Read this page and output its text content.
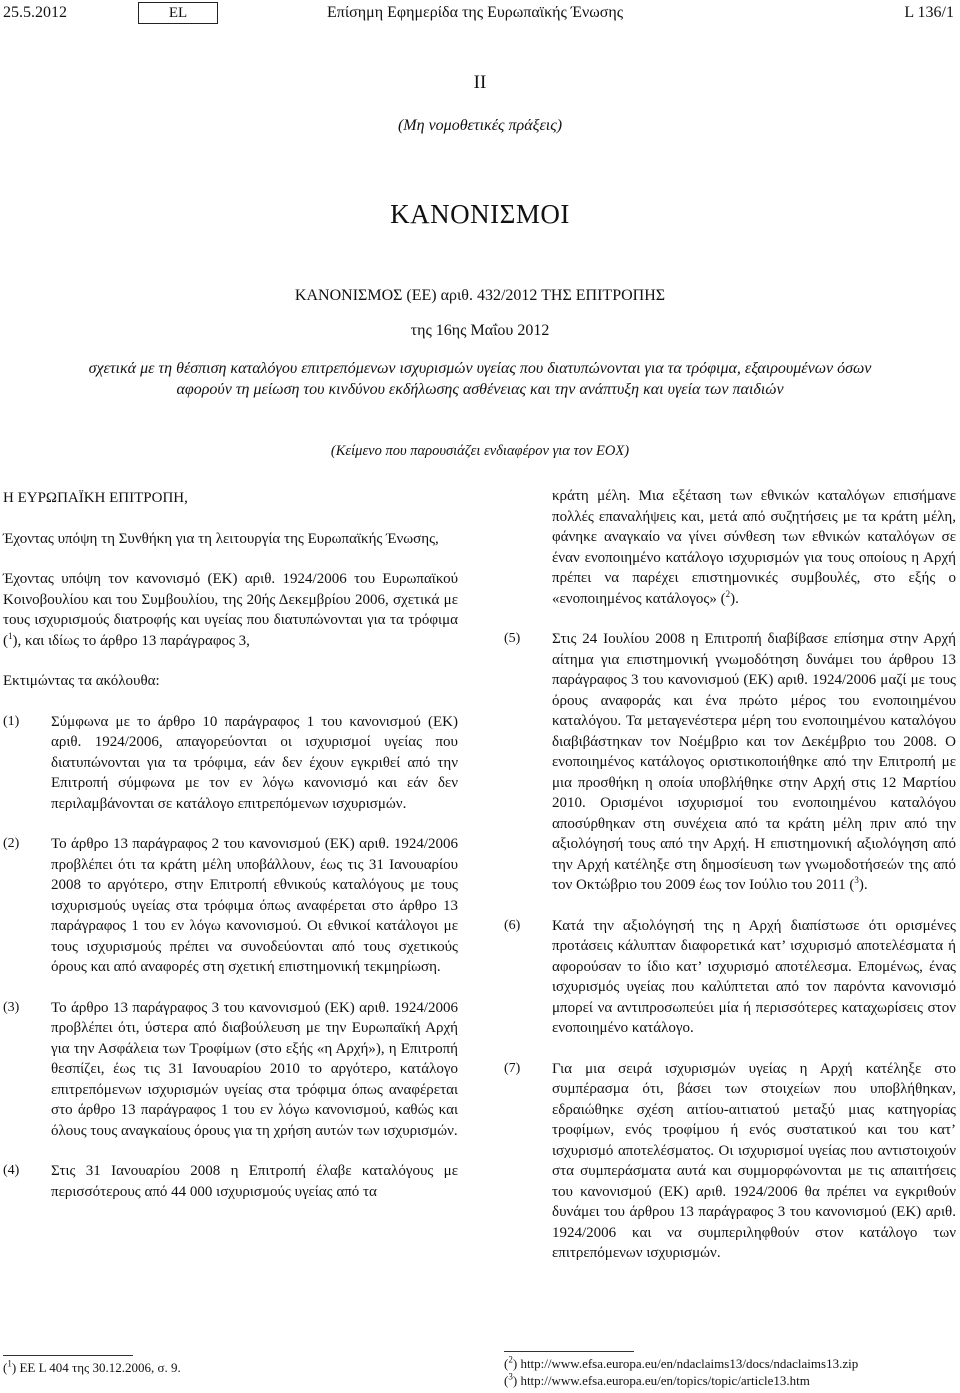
25.5.2012	EL	Επίσημη Εφημερίδα της Ευρωπαϊκής Ένωσης	L 136/1
II
(Μη νομοθετικές πράξεις)
ΚΑΝΟΝΙΣΜΟΙ
ΚΑΝΟΝΙΣΜΟΣ (ΕΕ) αριθ. 432/2012 ΤΗΣ ΕΠΙΤΡΟΠΗΣ
της 16ης Μαΐου 2012
σχετικά με τη θέσπιση καταλόγου επιτρεπόμενων ισχυρισμών υγείας που διατυπώνονται για τα τρόφιμα, εξαιρουμένων όσων αφορούν τη μείωση του κινδύνου εκδήλωσης ασθένειας και την ανάπτυξη και υγεία των παιδιών
(Κείμενο που παρουσιάζει ενδιαφέρον για τον ΕΟΧ)

Η ΕΥΡΩΠΑΪΚΗ ΕΠΙΤΡΟΠΗ,

Έχοντας υπόψη τη Συνθήκη για τη λειτουργία της Ευρωπαϊκής Ένωσης,

Έχοντας υπόψη τον κανονισμό (ΕΚ) αριθ. 1924/2006 του Ευρωπαϊκού Κοινοβουλίου και του Συμβουλίου, της 20ής Δεκεμβρίου 2006, σχετικά με τους ισχυρισμούς διατροφής και υγείας που διατυπώνονται για τα τρόφιμα ($^1$), και ιδίως το άρθρο 13 παράγραφος 3,

Εκτιμώντας τα ακόλουθα:

(1)	Σύμφωνα με το άρθρο 10 παράγραφος 1 του κανονισμού (ΕΚ) αριθ. 1924/2006, απαγορεύονται οι ισχυρισμοί υγείας που διατυπώνονται για τα τρόφιμα, εάν δεν έχουν εγκριθεί από την Επιτροπή σύμφωνα με τον εν λόγω κανονισμό και εάν δεν περιλαμβάνονται σε κατάλογο επιτρεπόμενων ισχυρισμών.
(2)	Το άρθρο 13 παράγραφος 2 του κανονισμού (ΕΚ) αριθ. 1924/2006 προβλέπει ότι τα κράτη μέλη υποβάλλουν, έως τις 31 Ιανουαρίου 2008 το αργότερο, στην Επιτροπή εθνικούς καταλόγους με τους ισχυρισμούς υγείας στα τρόφιμα όπως αναφέρεται στο άρθρο 13 παράγραφος 1 του εν λόγω κανονισμού. Οι εθνικοί κατάλογοι με τους ισχυρισμούς πρέπει να συνοδεύονται από τους σχετικούς όρους και από αναφορές στη σχετική επιστημονική τεκμηρίωση.
(3)	Το άρθρο 13 παράγραφος 3 του κανονισμού (ΕΚ) αριθ. 1924/2006 προβλέπει ότι, ύστερα από διαβούλευση με την Ευρωπαϊκή Αρχή για την Ασφάλεια των Τροφίμων (στο εξής «η Αρχή»), η Επιτροπή θεσπίζει, έως τις 31 Ιανουαρίου 2010 το αργότερο, κατάλογο επιτρεπόμενων ισχυρισμών υγείας στα τρόφιμα όπως αναφέρεται στο άρθρο 13 παράγραφος 1 του εν λόγω κανονισμού, καθώς και όλους τους αναγκαίους όρους για τη χρήση αυτών των ισχυρισμών.
(4)	Στις 31 Ιανουαρίου 2008 η Επιτροπή έλαβε καταλόγους με περισσότερους από 44 000 ισχυρισμούς υγείας από τα
κράτη μέλη. Μια εξέταση των εθνικών καταλόγων επισήμανε πολλές επαναλήψεις και, μετά από συζητήσεις με τα κράτη μέλη, φάνηκε αναγκαίο να γίνει σύνθεση των εθνικών καταλόγων σε έναν ενοποιημένο κατάλογο ισχυρισμών για τους οποίους η Αρχή πρέπει να παρέχει επιστημονικές συμβουλές, στο εξής ο «ενοποιημένος κατάλογος» ($^2$).
(5)	Στις 24 Ιουλίου 2008 η Επιτροπή διαβίβασε επίσημα στην Αρχή αίτημα για επιστημονική γνωμοδότηση δυνάμει του άρθρου 13 παράγραφος 3 του κανονισμού (ΕΚ) αριθ. 1924/2006 μαζί με τους όρους αναφοράς και ένα πρώτο μέρος του ενοποιημένου καταλόγου. Τα μεταγενέστερα μέρη του ενοποιημένου καταλόγου διαβιβάστηκαν τον Νοέμβριο και τον Δεκέμβριο του 2008. Ο ενοποιημένος κατάλογος οριστικοποιήθηκε από την Επιτροπή με μια προσθήκη η οποία υποβλήθηκε στην Αρχή στις 12 Μαρτίου 2010. Ορισμένοι ισχυρισμοί του ενοποιημένου καταλόγου αποσύρθηκαν στη συνέχεια από τα κράτη μέλη πριν από την αξιολόγησή τους από την Αρχή. Η επιστημονική αξιολόγηση από την Αρχή κατέληξε στη δημοσίευση των γνωμοδοτήσεών της από τον Οκτώβριο του 2009 έως τον Ιούλιο του 2011 ($^3$).
(6)	Κατά την αξιολόγησή της η Αρχή διαπίστωσε ότι ορισμένες προτάσεις κάλυπταν διαφορετικά κατ’ ισχυρισμό αποτελέσματα ή αφορούσαν το ίδιο κατ’ ισχυρισμό αποτέλεσμα. Επομένως, ένας ισχυρισμός υγείας που καλύπτεται από τον παρόντα κανονισμό μπορεί να αντιπροσωπεύει μία ή περισσότερες καταχωρίσεις στον ενοποιημένο κατάλογο.
(7)	Για μια σειρά ισχυρισμών υγείας η Αρχή κατέληξε στο συμπέρασμα ότι, βάσει των στοιχείων που υποβλήθηκαν, εδραιώθηκε σχέση αιτίου-αιτιατού μεταξύ μιας κατηγορίας τροφίμων, ενός τροφίμου ή ενός συστατικού και του κατ’ ισχυρισμό αποτελέσματος. Οι ισχυρισμοί υγείας που αντιστοιχούν στα συμπεράσματα αυτά και συμμορφώνονται με τις απαιτήσεις του κανονισμού (ΕΚ) αριθ. 1924/2006 θα πρέπει να εγκριθούν δυνάμει του άρθρου 13 παράγραφος 3 του κανονισμού (ΕΚ) αριθ. 1924/2006 και να συμπεριληφθούν στον κατάλογο των επιτρεπόμενων ισχυρισμών.
($^1$) ΕΕ L 404 της 30.12.2006, σ. 9.	($^2$) http://www.efsa.europa.eu/en/ndaclaims13/docs/ndaclaims13.zip
($^3$) http://www.efsa.europa.eu/en/topics/topic/article13.htm
